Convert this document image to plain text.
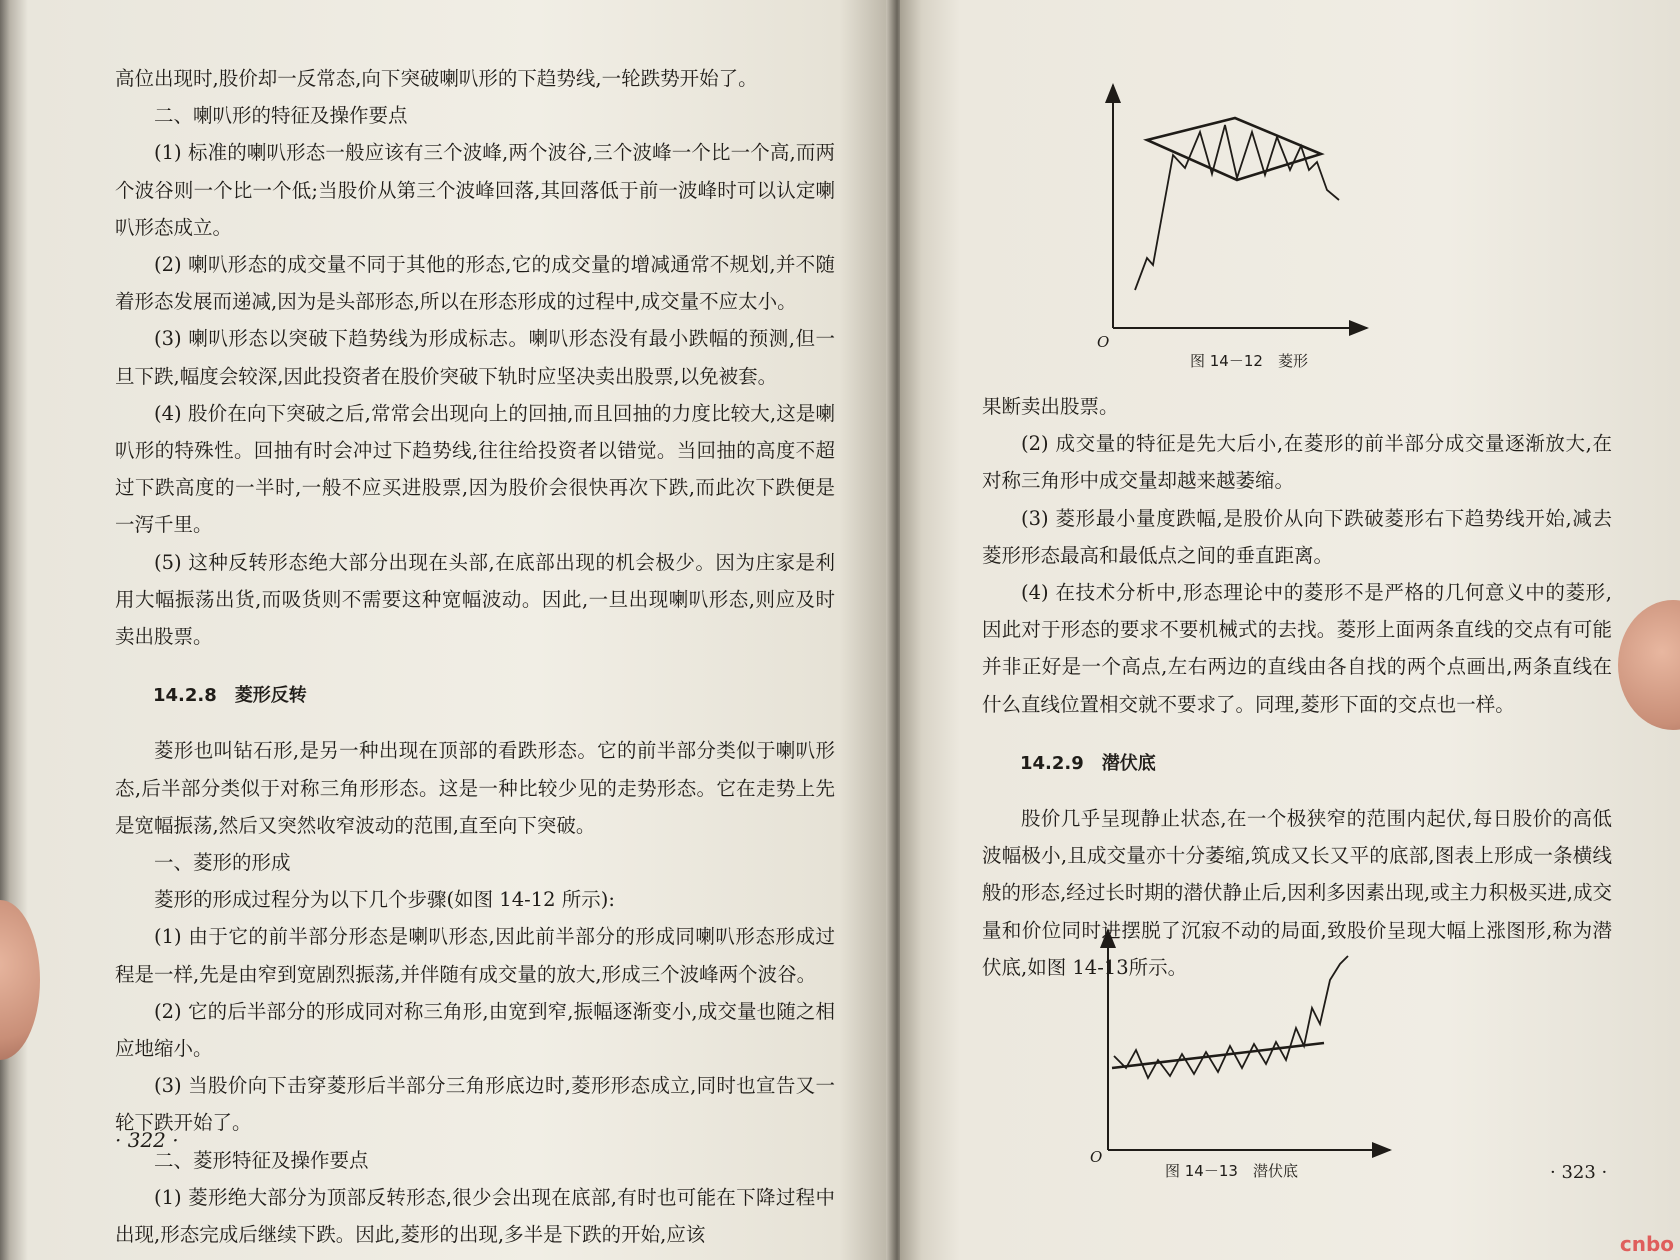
高位出现时,股价却一反常态,向下突破喇叭形的下趋势线,一轮跌势开始了。

二、喇叭形的特征及操作要点

(1) 标准的喇叭形态一般应该有三个波峰,两个波谷,三个波峰一个比一个高,而两个波谷则一个比一个低;当股价从第三个波峰回落,其回落低于前一波峰时可以认定喇叭形态成立。

(2) 喇叭形态的成交量不同于其他的形态,它的成交量的增减通常不规划,并不随着形态发展而递减,因为是头部形态,所以在形态形成的过程中,成交量不应太小。

(3) 喇叭形态以突破下趋势线为形成标志。喇叭形态没有最小跌幅的预测,但一旦下跌,幅度会较深,因此投资者在股价突破下轨时应坚决卖出股票,以免被套。

(4) 股价在向下突破之后,常常会出现向上的回抽,而且回抽的力度比较大,这是喇叭形的特殊性。回抽有时会冲过下趋势线,往往给投资者以错觉。当回抽的高度不超过下跌高度的一半时,一般不应买进股票,因为股价会很快再次下跌,而此次下跌便是一泻千里。

(5) 这种反转形态绝大部分出现在头部,在底部出现的机会极少。因为庄家是利用大幅振荡出货,而吸货则不需要这种宽幅波动。因此,一旦出现喇叭形态,则应及时卖出股票。

14.2.8　菱形反转

菱形也叫钻石形,是另一种出现在顶部的看跌形态。它的前半部分类似于喇叭形态,后半部分类似于对称三角形形态。这是一种比较少见的走势形态。它在走势上先是宽幅振荡,然后又突然收窄波动的范围,直至向下突破。

一、菱形的形成

菱形的形成过程分为以下几个步骤(如图 14-12 所示):

(1) 由于它的前半部分形态是喇叭形态,因此前半部分的形成同喇叭形态形成过程是一样,先是由窄到宽剧烈振荡,并伴随有成交量的放大,形成三个波峰两个波谷。

(2) 它的后半部分的形成同对称三角形,由宽到窄,振幅逐渐变小,成交量也随之相应地缩小。

(3) 当股价向下击穿菱形后半部分三角形底边时,菱形形态成立,同时也宣告又一轮下跌开始了。

二、菱形特征及操作要点

(1) 菱形绝大部分为顶部反转形态,很少会出现在底部,有时也可能在下降过程中出现,形态完成后继续下跌。因此,菱形的出现,多半是下跌的开始,应该

· 322 ·
图 14－12　菱形
O

果断卖出股票。

(2) 成交量的特征是先大后小,在菱形的前半部分成交量逐渐放大,在对称三角形中成交量却越来越萎缩。

(3) 菱形最小量度跌幅,是股价从向下跌破菱形右下趋势线开始,减去菱形形态最高和最低点之间的垂直距离。

(4) 在技术分析中,形态理论中的菱形不是严格的几何意义中的菱形,因此对于形态的要求不要机械式的去找。菱形上面两条直线的交点有可能并非正好是一个高点,左右两边的直线由各自找的两个点画出,两条直线在什么直线位置相交就不要求了。同理,菱形下面的交点也一样。

14.2.9　潜伏底

股价几乎呈现静止状态,在一个极狭窄的范围内起伏,每日股价的高低波幅极小,且成交量亦十分萎缩,筑成又长又平的底部,图表上形成一条横线般的形态,经过长时期的潜伏静止后,因利多因素出现,或主力积极买进,成交量和价位同时进摆脱了沉寂不动的局面,致股价呈现大幅上涨图形,称为潜伏底,如图 14-13所示。

图 14－13　潜伏底
O
· 323 ·
cnbo
